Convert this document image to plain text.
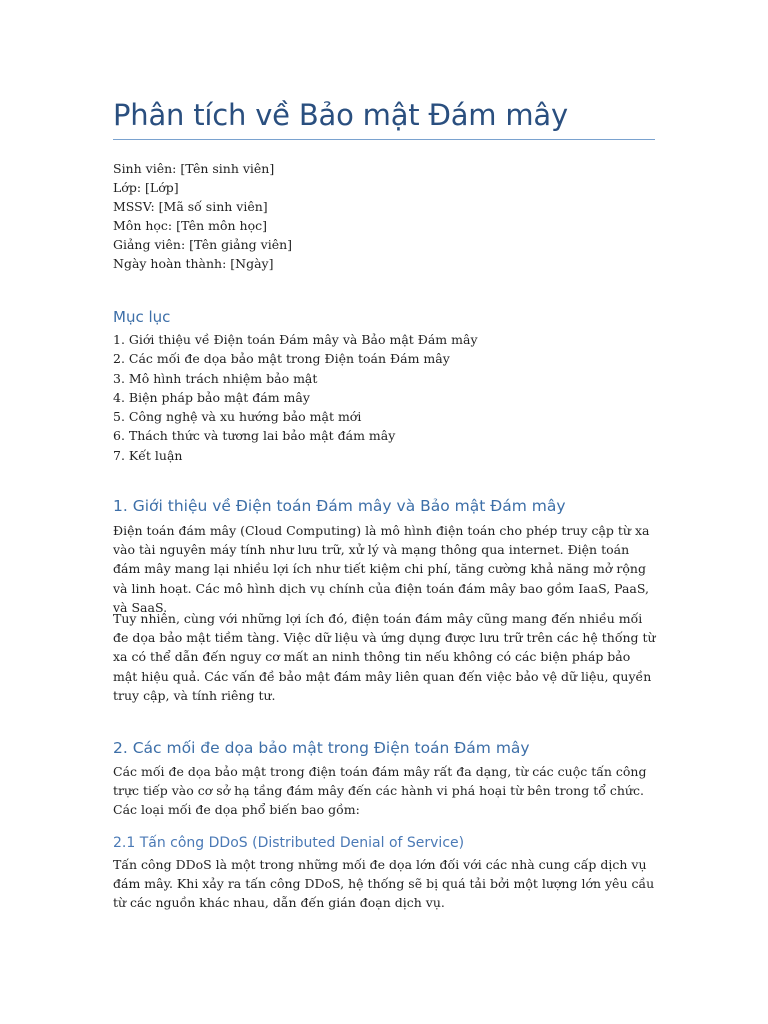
Phân tích về Bảo mật Đám mây
Sinh viên: [Tên sinh viên]
Lớp: [Lớp]
MSSV: [Mã số sinh viên]
Môn học: [Tên môn học]
Giảng viên: [Tên giảng viên]
Ngày hoàn thành: [Ngày]
Mục lục
1. Giới thiệu về Điện toán Đám mây và Bảo mật Đám mây
2. Các mối đe dọa bảo mật trong Điện toán Đám mây
3. Mô hình trách nhiệm bảo mật
4. Biện pháp bảo mật đám mây
5. Công nghệ và xu hướng bảo mật mới
6. Thách thức và tương lai bảo mật đám mây
7. Kết luận
1. Giới thiệu về Điện toán Đám mây và Bảo mật Đám mây

Điện toán đám mây (Cloud Computing) là mô hình điện toán cho phép truy cập từ xa vào tài nguyên máy tính như lưu trữ, xử lý và mạng thông qua internet. Điện toán đám mây mang lại nhiều lợi ích như tiết kiệm chi phí, tăng cường khả năng mở rộng và linh hoạt. Các mô hình dịch vụ chính của điện toán đám mây bao gồm IaaS, PaaS, và SaaS.

Tuy nhiên, cùng với những lợi ích đó, điện toán đám mây cũng mang đến nhiều mối đe dọa bảo mật tiềm tàng. Việc dữ liệu và ứng dụng được lưu trữ trên các hệ thống từ xa có thể dẫn đến nguy cơ mất an ninh thông tin nếu không có các biện pháp bảo mật hiệu quả. Các vấn đề bảo mật đám mây liên quan đến việc bảo vệ dữ liệu, quyền truy cập, và tính riêng tư.

2. Các mối đe dọa bảo mật trong Điện toán Đám mây

Các mối đe dọa bảo mật trong điện toán đám mây rất đa dạng, từ các cuộc tấn công trực tiếp vào cơ sở hạ tầng đám mây đến các hành vi phá hoại từ bên trong tổ chức. Các loại mối đe dọa phổ biến bao gồm:

2.1 Tấn công DDoS (Distributed Denial of Service)

Tấn công DDoS là một trong những mối đe dọa lớn đối với các nhà cung cấp dịch vụ đám mây. Khi xảy ra tấn công DDoS, hệ thống sẽ bị quá tải bởi một lượng lớn yêu cầu từ các nguồn khác nhau, dẫn đến gián đoạn dịch vụ.
